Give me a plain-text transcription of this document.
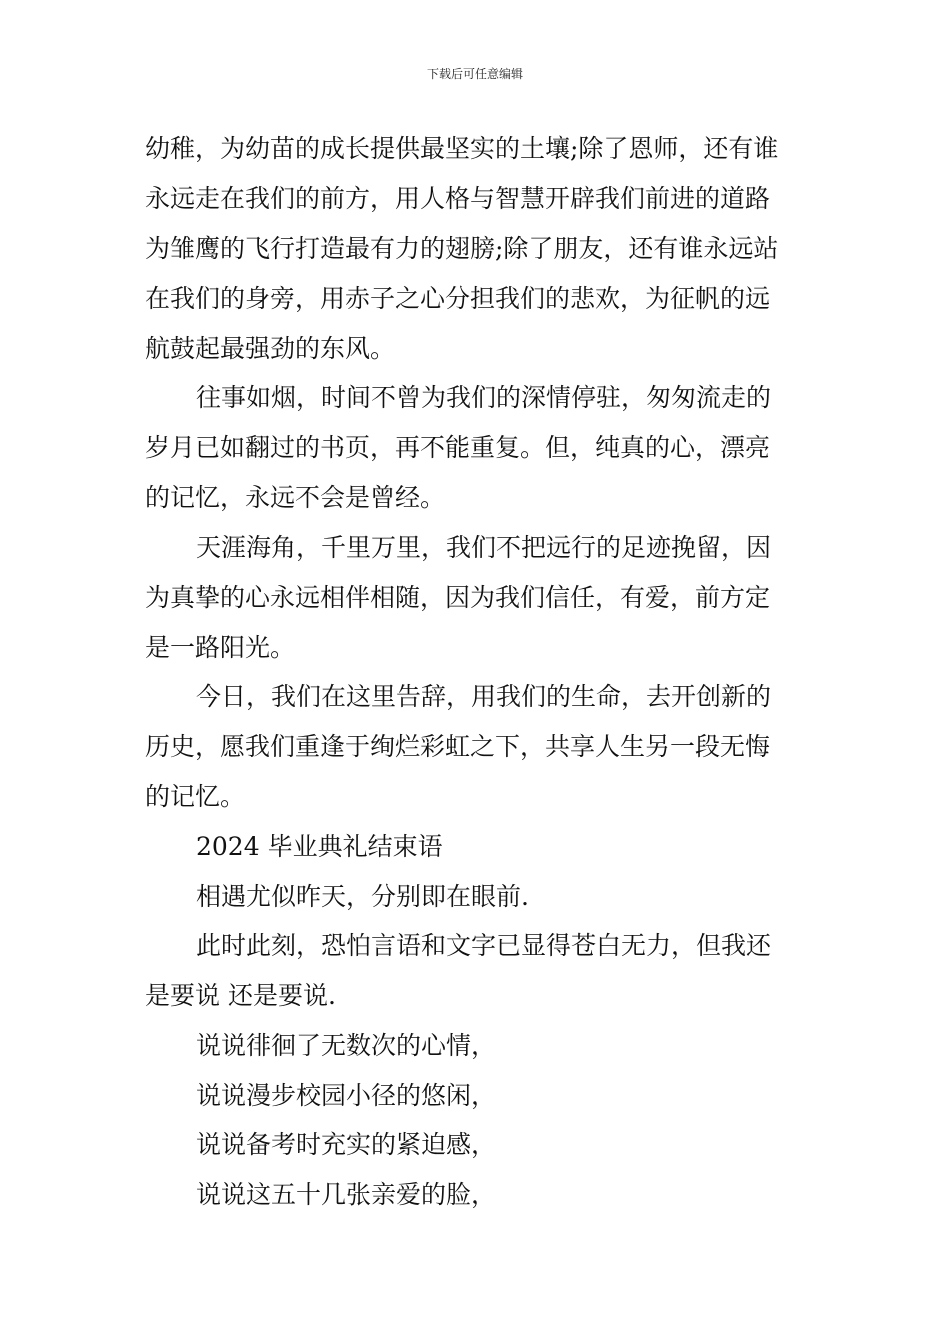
下载后可任意编辑
幼稚，为幼苗的成长提供最坚实的土壤;除了恩师，还有谁
永远走在我们的前方，用人格与智慧开辟我们前进的道路
为雏鹰的飞行打造最有力的翅膀;除了朋友，还有谁永远站
在我们的身旁，用赤子之心分担我们的悲欢，为征帆的远
航鼓起最强劲的东风。
往事如烟，时间不曾为我们的深情停驻，匆匆流走的
岁月已如翻过的书页，再不能重复。但，纯真的心，漂亮
的记忆，永远不会是曾经。
天涯海角，千里万里，我们不把远行的足迹挽留，因
为真挚的心永远相伴相随，因为我们信任，有爱，前方定
是一路阳光。
今日，我们在这里告辞，用我们的生命，去开创新的
历史，愿我们重逢于绚烂彩虹之下，共享人生另一段无悔
的记忆。
2024 毕业典礼结束语
相遇尤似昨天，分别即在眼前.
此时此刻，恐怕言语和文字已显得苍白无力，但我还
是要说 还是要说.
说说徘徊了无数次的心情，
说说漫步校园小径的悠闲，
说说备考时充实的紧迫感，
说说这五十几张亲爱的脸，
